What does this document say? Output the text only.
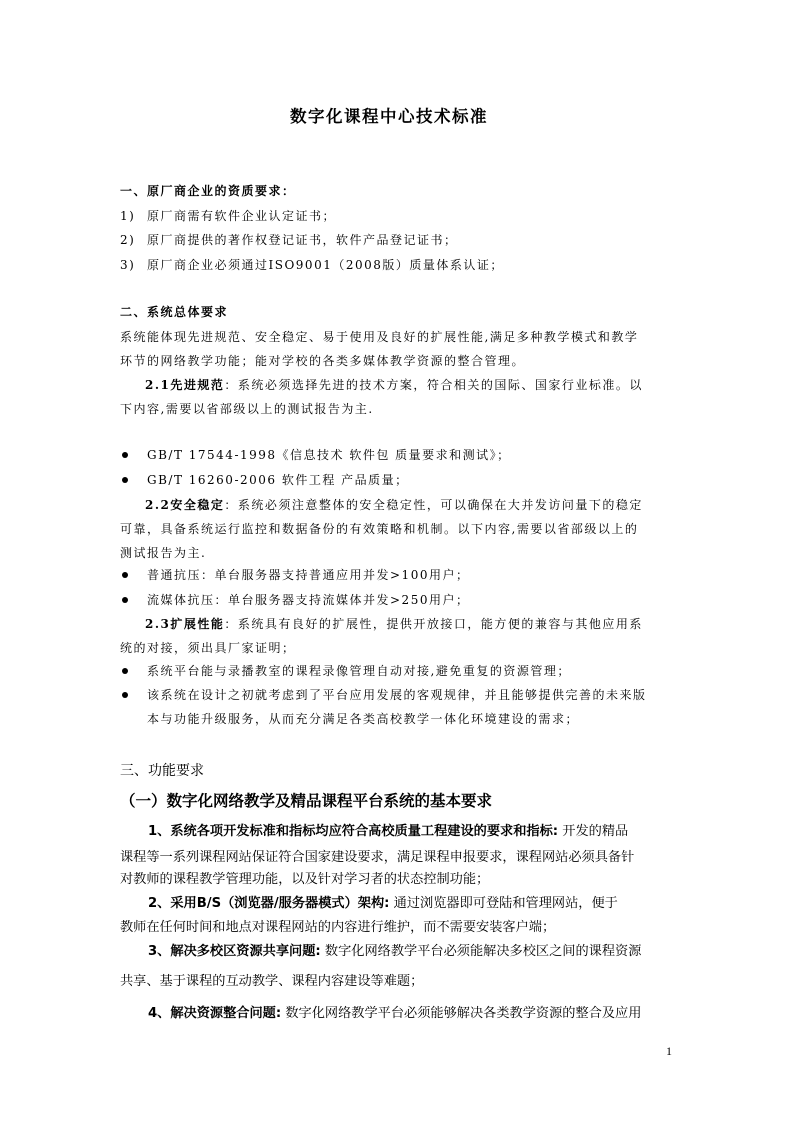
数字化课程中心技术标准
一、原厂商企业的资质要求：
1) 原厂商需有软件企业认定证书；
2) 原厂商提供的著作权登记证书，软件产品登记证书；
3) 原厂商企业必须通过ISO9001（2008版）质量体系认证；
二、系统总体要求
系统能体现先进规范、安全稳定、易于使用及良好的扩展性能,满足多种教学模式和教学
环节的网络教学功能；能对学校的各类多媒体教学资源的整合管理。
2.1先进规范：系统必须选择先进的技术方案，符合相关的国际、国家行业标准。以
下内容,需要以省部级以上的测试报告为主.
GB/T 17544-1998《信息技术 软件包 质量要求和测试》；
GB/T 16260-2006 软件工程 产品质量；
2.2安全稳定：系统必须注意整体的安全稳定性，可以确保在大并发访问量下的稳定
可靠，具备系统运行监控和数据备份的有效策略和机制。以下内容,需要以省部级以上的
测试报告为主.
普通抗压：单台服务器支持普通应用并发>100用户；
流媒体抗压：单台服务器支持流媒体并发>250用户；
2.3扩展性能：系统具有良好的扩展性，提供开放接口，能方便的兼容与其他应用系
统的对接，须出具厂家证明；
系统平台能与录播教室的课程录像管理自动对接,避免重复的资源管理；
该系统在设计之初就考虑到了平台应用发展的客观规律，并且能够提供完善的未来版
本与功能升级服务，从而充分满足各类高校教学一体化环境建设的需求；
三、功能要求
（一）数字化网络教学及精品课程平台系统的基本要求
1、系统各项开发标准和指标均应符合高校质量工程建设的要求和指标: 开发的精品
课程等一系列课程网站保证符合国家建设要求，满足课程申报要求，课程网站必须具备针
对教师的课程教学管理功能，以及针对学习者的状态控制功能；
2、采用B/S（浏览器/服务器模式）架构: 通过浏览器即可登陆和管理网站，便于
教师在任何时间和地点对课程网站的内容进行维护，而不需要安装客户端；
3、解决多校区资源共享问题: 数字化网络教学平台必须能解决多校区之间的课程资源
共享、基于课程的互动教学、课程内容建设等难题；
4、解决资源整合问题: 数字化网络教学平台必须能够解决各类教学资源的整合及应用
1
